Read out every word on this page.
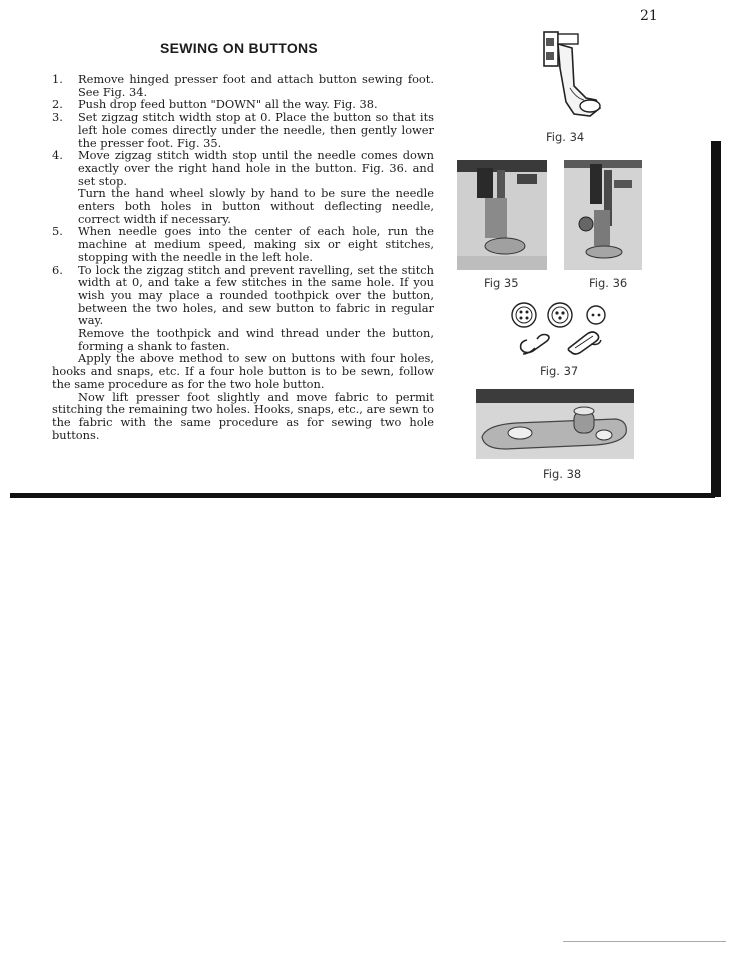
21
SEWING ON BUTTONS
1.	Remove hinged presser foot and attach button sewing foot. See Fig. 34.
2.	Push drop feed button "DOWN" all the way. Fig. 38.
3.	Set zigzag stitch width stop at 0. Place the button so that its left hole comes directly under the needle, then gently lower the presser foot. Fig. 35.
4.	Move zigzag stitch width stop until the needle comes down exactly over the right hand hole in the button. Fig. 36. and set stop.
Turn the hand wheel slowly by hand to be sure the needle enters both holes in button without deflecting needle, correct width if necessary.
5.	When needle goes into the center of each hole, run the machine at medium speed, making six or eight stitches, stopping with the needle in the left hole.
6.	To lock the zigzag stitch and prevent ravelling, set the stitch width at 0, and take a few stitches in the same hole. If you wish you may place a rounded toothpick over the button, between the two holes, and sew button to fabric in regular way.
Remove the toothpick and wind thread under the button, forming a shank to fasten.

Apply the above method to sew on buttons with four holes, hooks and snaps, etc. If a four hole button is to be sewn, follow the same procedure as for the two hole button.

Now lift presser foot slightly and move fabric to permit stitching the remaining two holes. Hooks, snaps, etc., are sewn to the fabric with the same procedure as for sewing two hole buttons.

Fig. 34
Fig 35	Fig. 36
Fig. 37
Fig. 38
